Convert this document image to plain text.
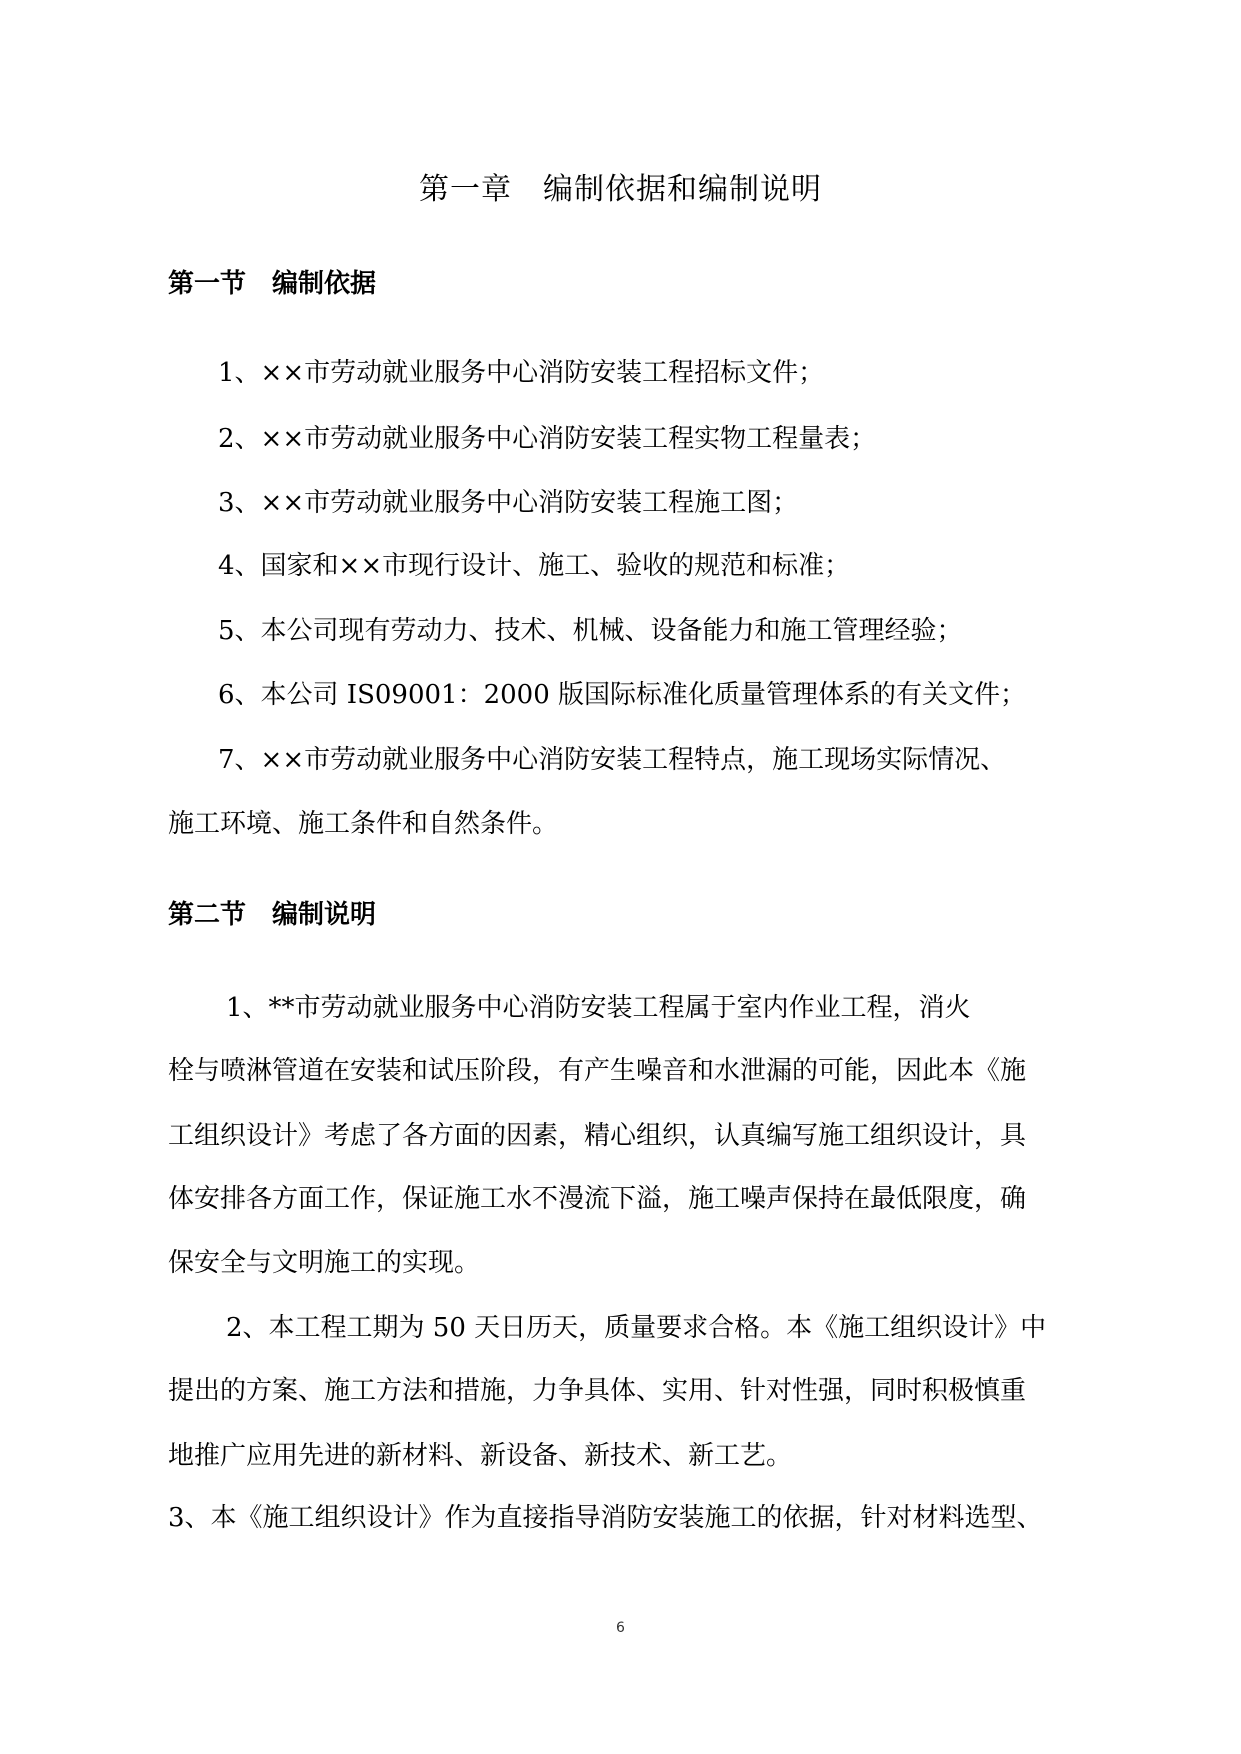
第一章　编制依据和编制说明
第一节　编制依据
1、××市劳动就业服务中心消防安装工程招标文件；
2、××市劳动就业服务中心消防安装工程实物工程量表；
3、××市劳动就业服务中心消防安装工程施工图；
4、国家和××市现行设计、施工、验收的规范和标准；
5、本公司现有劳动力、技术、机械、设备能力和施工管理经验；
6、本公司 IS09001：2000 版国际标准化质量管理体系的有关文件；
7、××市劳动就业服务中心消防安装工程特点，施工现场实际情况、
施工环境、施工条件和自然条件。
第二节　编制说明
1、**市劳动就业服务中心消防安装工程属于室内作业工程，消火
栓与喷淋管道在安装和试压阶段，有产生噪音和水泄漏的可能，因此本《施
工组织设计》考虑了各方面的因素，精心组织，认真编写施工组织设计，具
体安排各方面工作，保证施工水不漫流下溢，施工噪声保持在最低限度，确
保安全与文明施工的实现。
2、本工程工期为 50 天日历天，质量要求合格。本《施工组织设计》中
提出的方案、施工方法和措施，力争具体、实用、针对性强，同时积极慎重
地推广应用先进的新材料、新设备、新技术、新工艺。
3、本《施工组织设计》作为直接指导消防安装施工的依据，针对材料选型、
6
